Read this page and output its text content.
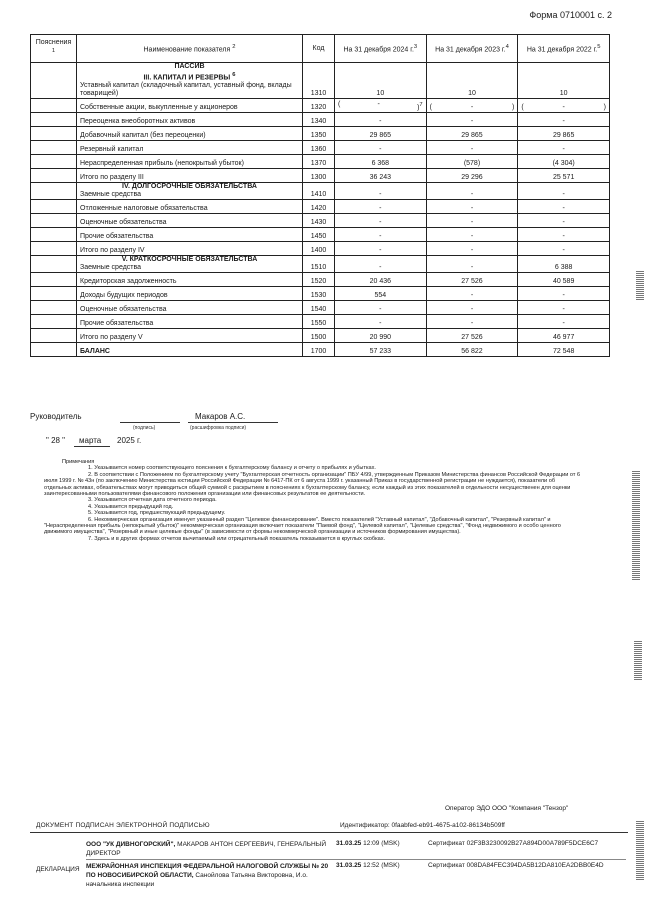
Форма 0710001 с. 2
Пояснения $^1$	Наименование показателя $^2$	Код	На 31 декабря 2024 г.$^3$	На 31 декабря 2023 г.$^4$	На 31 декабря 2022 г.$^5$

	ПАССИВ
III. КАПИТАЛ И РЕЗЕРВЫ $^6$
Уставный капитал (складочный капитал, уставный фонд, вклады товарищей)	1310	10	10	10
	Собственные акции, выкупленные у акционеров	1320	( - )$^7$	( - )	( - )

	Переоценка внеоборотных активов	1340	-	-	-
	Добавочный капитал (без переоценки)	1350	29 865	29 865	29 865
	Резервный капитал	1360	-	-	-
	Нераспределенная прибыль (непокрытый убыток)	1370	6 368	(578)	(4 304)
	Итого по разделу III	1300	36 243	29 296	25 571

	IV. ДОЛГОСРОЧНЫЕ ОБЯЗАТЕЛЬСТВА
Заемные средства	1410	-	-	-
	Отложенные налоговые обязательства	1420	-	-	-
	Оценочные обязательства	1430	-	-	-
	Прочие обязательства	1450	-	-	-
	Итого по разделу IV	1400	-	-	-

	V. КРАТКОСРОЧНЫЕ ОБЯЗАТЕЛЬСТВА
Заемные средства	1510	-	-	6 388
	Кредиторская задолженность	1520	20 436	27 526	40 589
	Доходы будущих периодов	1530	554	-	-
	Оценочные обязательства	1540	-	-	-
	Прочие обязательства	1550	-	-	-
	Итого по разделу V	1500	20 990	27 526	46 977
	БАЛАНС	1700	57 233	56 822	72 548
Руководитель	Макаров А.С.
(подпись)	(расшифровка подписи)
" 28 " марта 2025 г.

Примечания

1. Указывается номер соответствующего пояснения к бухгалтерскому балансу и отчету о прибылях и убытках.

2. В соответствии с Положением по бухгалтерскому учету "Бухгалтерская отчетность организации" ПБУ 4/99, утвержденным Приказом Министерства финансов Российской Федерации от 6 июля 1999 г. № 43н (по заключению Министерства юстиции Российской Федерации № 6417-ПК от 6 августа 1999 г. указанный Приказ в государственной регистрации не нуждается), показатели об отдельных активах, обязательствах могут приводиться общей суммой с раскрытием в пояснениях к бухгалтерскому балансу, если каждый из этих показателей в отдельности несущественен для оценки заинтересованными пользователями финансового положения организации или финансовых результатов ее деятельности.

3. Указывается отчетная дата отчетного периода.

4. Указывается предыдущий год.

5. Указывается год, предшествующий предыдущему.

6. Некоммерческая организация именует указанный раздел "Целевое финансирование". Вместо показателей "Уставный капитал", "Добавочный капитал", "Резервный капитал" и "Нераспределенная прибыль (непокрытый убыток)" некоммерческая организация включает показатели "Паевой фонд", "Целевой капитал", "Целевые средства", "Фонд недвижимого и особо ценного движимого имущества", "Резервный и иные целевые фонды" (в зависимости от формы некоммерческой организации и источников формирования имущества).

7. Здесь и в других формах отчетов вычитаемый или отрицательный показатель показывается в круглых скобках.

Оператор ЭДО ООО "Компания "Тензор"
ДОКУМЕНТ ПОДПИСАН ЭЛЕКТРОННОЙ ПОДПИСЬЮ	Идентификатор: 0faabfed-eb91-4675-a102-86134b509ff
ДЕКЛАРАЦИЯ
ООО "УК ДИВНОГОРСКИЙ", МАКАРОВ АНТОН СЕРГЕЕВИЧ, ГЕНЕРАЛЬНЫЙ ДИРЕКТОР
31.03.25 12:09 (MSK)	Сертификат 02F3B3230092B27A894D00A789F5DCE6C7
МЕЖРАЙОННАЯ ИНСПЕКЦИЯ ФЕДЕРАЛЬНОЙ НАЛОГОВОЙ СЛУЖБЫ № 20 ПО НОВОСИБИРСКОЙ ОБЛАСТИ, Санойлова Татьяна Викторовна, И.о. начальника инспекции
31.03.25 12:52 (MSK)	Сертификат 008DA84FEC394DA5B12DA810EA2DBB0E4D
